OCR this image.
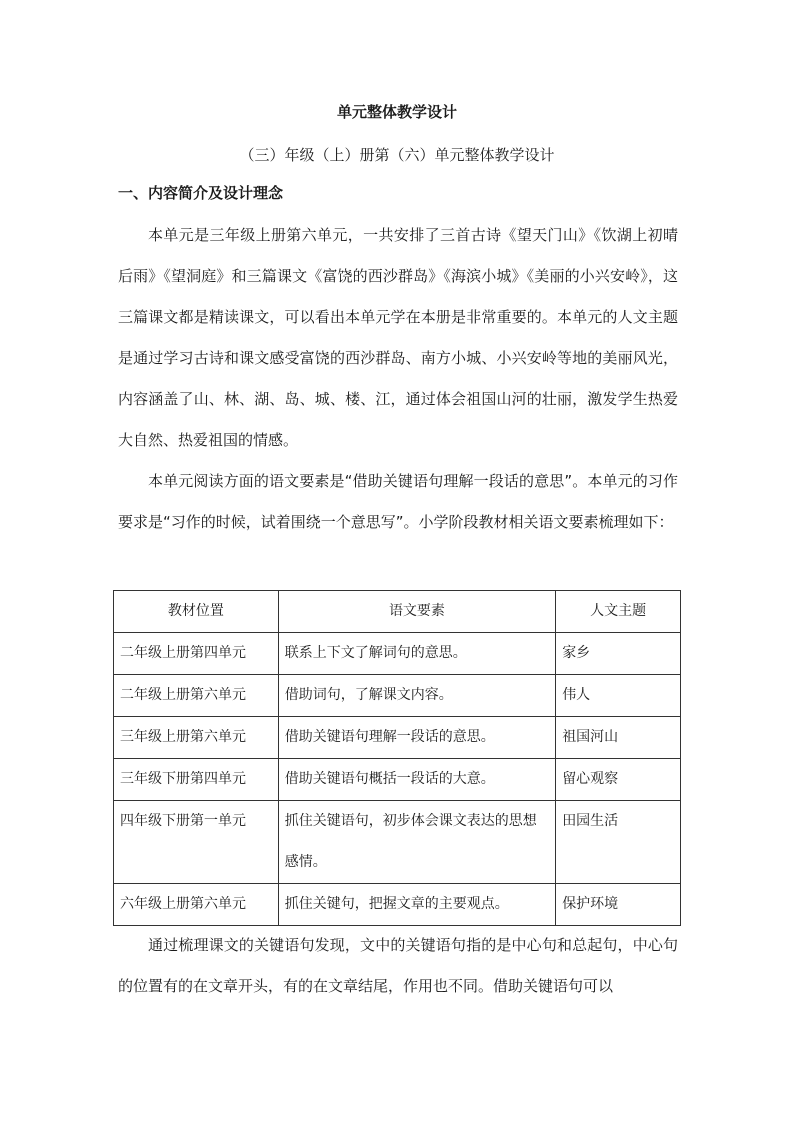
单元整体教学设计
（三）年级（上）册第（六）单元整体教学设计
一、内容简介及设计理念

本单元是三年级上册第六单元，一共安排了三首古诗《望天门山》《饮湖上初晴后雨》《望洞庭》和三篇课文《富饶的西沙群岛》《海滨小城》《美丽的小兴安岭》，这三篇课文都是精读课文，可以看出本单元学在本册是非常重要的。本单元的人文主题是通过学习古诗和课文感受富饶的西沙群岛、南方小城、小兴安岭等地的美丽风光，内容涵盖了山、林、湖、岛、城、楼、江，通过体会祖国山河的壮丽，激发学生热爱大自然、热爱祖国的情感。

本单元阅读方面的语文要素是“借助关键语句理解一段话的意思”。本单元的习作要求是“习作的时候，试着围绕一个意思写”。小学阶段教材相关语文要素梳理如下：

教材位置	语文要素	人文主题
二年级上册第四单元	联系上下文了解词句的意思。	家乡
二年级上册第六单元	借助词句，了解课文内容。	伟人
三年级上册第六单元	借助关键语句理解一段话的意思。	祖国河山
三年级下册第四单元	借助关键语句概括一段话的大意。	留心观察
四年级下册第一单元	抓住关键语句，初步体会课文表达的思想感情。	田园生活
六年级上册第六单元	抓住关键句，把握文章的主要观点。	保护环境

通过梳理课文的关键语句发现，文中的关键语句指的是中心句和总起句，中心句的位置有的在文章开头，有的在文章结尾，作用也不同。借助关键语句可以
